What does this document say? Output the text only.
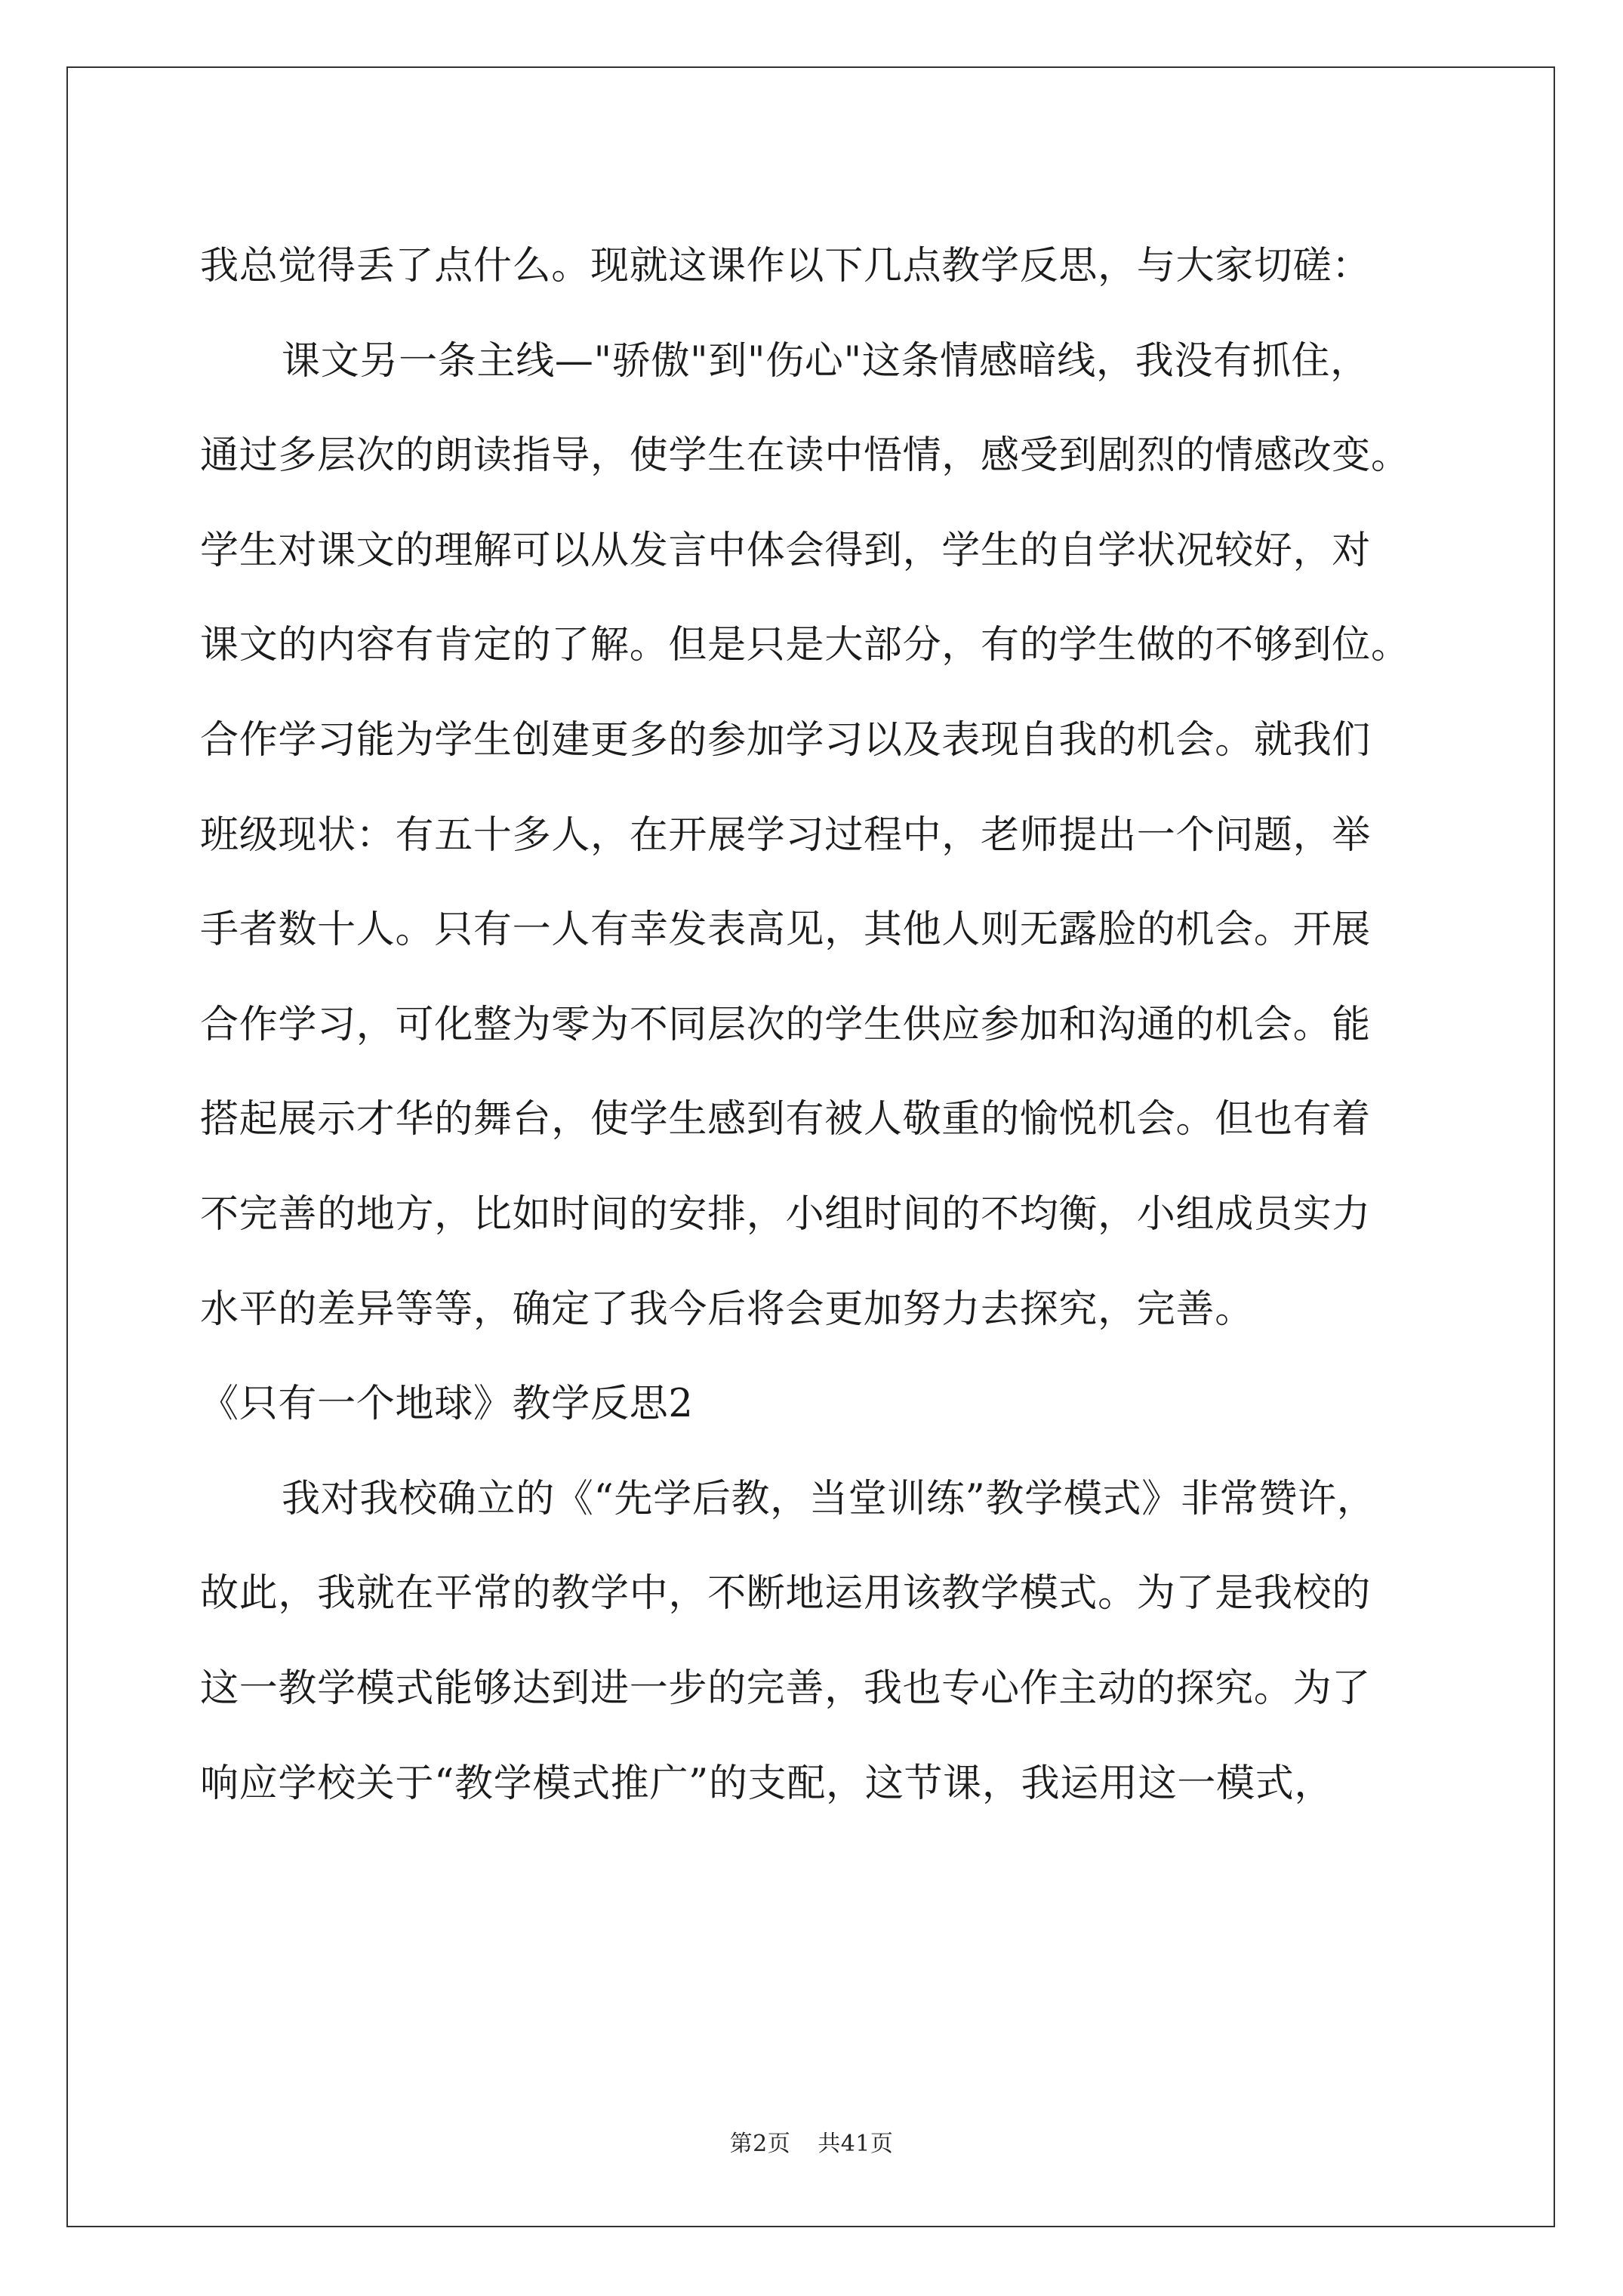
我总觉得丢了点什么。现就这课作以下几点教学反思，与大家切磋：
课文另一条主线—"骄傲"到"伤心"这条情感暗线，我没有抓住，
通过多层次的朗读指导，使学生在读中悟情，感受到剧烈的情感改变。
学生对课文的理解可以从发言中体会得到，学生的自学状况较好，对
课文的内容有肯定的了解。但是只是大部分，有的学生做的不够到位。
合作学习能为学生创建更多的参加学习以及表现自我的机会。就我们
班级现状：有五十多人，在开展学习过程中，老师提出一个问题，举
手者数十人。只有一人有幸发表高见，其他人则无露脸的机会。开展
合作学习，可化整为零为不同层次的学生供应参加和沟通的机会。能
搭起展示才华的舞台，使学生感到有被人敬重的愉悦机会。但也有着
不完善的地方，比如时间的安排，小组时间的不均衡，小组成员实力
水平的差异等等，确定了我今后将会更加努力去探究，完善。
《只有一个地球》教学反思2
我对我校确立的《“先学后教，当堂训练”教学模式》非常赞许，
故此，我就在平常的教学中，不断地运用该教学模式。为了是我校的
这一教学模式能够达到进一步的完善，我也专心作主动的探究。为了
响应学校关于“教学模式推广”的支配，这节课，我运用这一模式，
第2页 共41页
